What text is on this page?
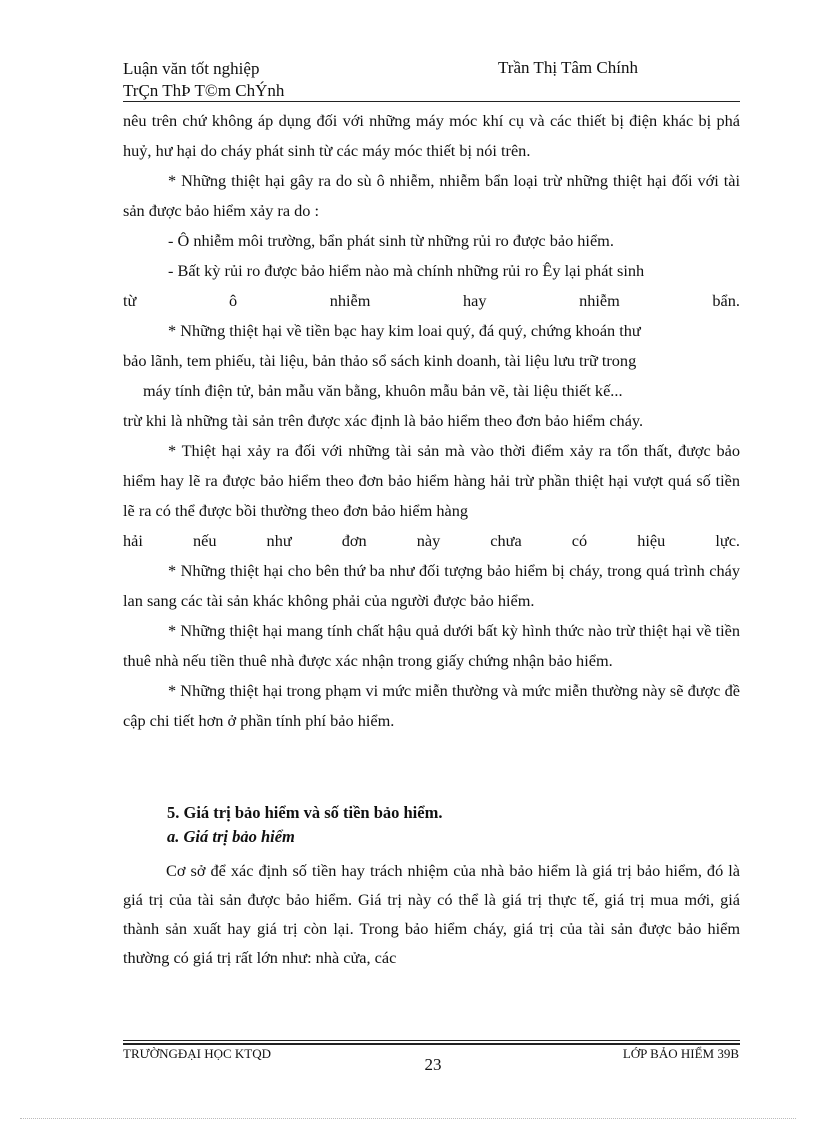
Luận văn tốt nghiệp
TrÇn ThÞ T©m ChÝnh
Trần Thị Tâm Chính

nêu trên chứ không áp dụng đối với những máy móc khí cụ và các thiết bị điện khác bị phá huỷ, hư hại do cháy phát sinh từ các máy móc thiết bị nói trên.

* Những thiệt hại gây ra do sù ô nhiễm, nhiễm bẩn loại trừ những thiệt hại đối với tài sản được bảo hiểm xảy ra do :

- Ô nhiễm môi trường, bẩn phát sinh từ những rủi ro được bảo hiểm.

- Bất kỳ rủi ro được bảo hiểm nào mà chính những rủi ro Êy lại phát sinh

từ ô nhiễm hay nhiễm bẩn.

* Những thiệt hại về tiền bạc hay kim loai quý, đá quý, chứng khoán thư

bảo lãnh, tem phiếu, tài liệu, bản thảo sổ sách kinh doanh, tài liệu lưu trữ trong

máy tính điện tử, bản mẫu văn bằng, khuôn mẫu bản vẽ, tài liệu thiết kế...

trừ khi là những tài sản trên được xác định là bảo hiểm theo đơn bảo hiểm cháy.

* Thiệt hại xảy ra đối với những tài sản mà vào thời điểm xảy ra tổn thất, được bảo hiểm hay lẽ ra được bảo hiểm theo đơn bảo hiểm hàng hải trừ phần thiệt hại vượt quá số tiền lẽ ra có thể được bồi thường theo đơn bảo hiểm hàng

hải nếu như đơn này chưa có hiệu lực.

* Những thiệt hại cho bên thứ ba như đối tượng bảo hiểm bị cháy, trong quá trình cháy lan sang các tài sản khác không phải của người được bảo hiểm.

* Những thiệt hại mang tính chất hậu quả dưới bất kỳ hình thức nào trừ thiệt hại về tiền thuê nhà nếu tiền thuê nhà được xác nhận trong giấy chứng nhận bảo hiểm.

* Những thiệt hại trong phạm vi mức miễn thường và mức miễn thường này sẽ được đề cập chi tiết hơn ở phần tính phí bảo hiểm.

5. Giá trị bảo hiểm và số tiền bảo hiểm.
a. Giá trị bảo hiểm

Cơ sở để xác định số tiền hay trách nhiệm của nhà bảo hiểm là giá trị bảo hiểm, đó là giá trị của tài sản được bảo hiểm. Giá trị này có thể là giá trị thực tế, giá trị mua mới, giá thành sản xuất hay giá trị còn lại. Trong bảo hiểm cháy, giá trị của tài sản được bảo hiểm thường có giá trị rất lớn như: nhà cửa, các

TRƯỜNGĐẠI HỌC KTQD
23
LỚP BẢO HIỂM 39B
